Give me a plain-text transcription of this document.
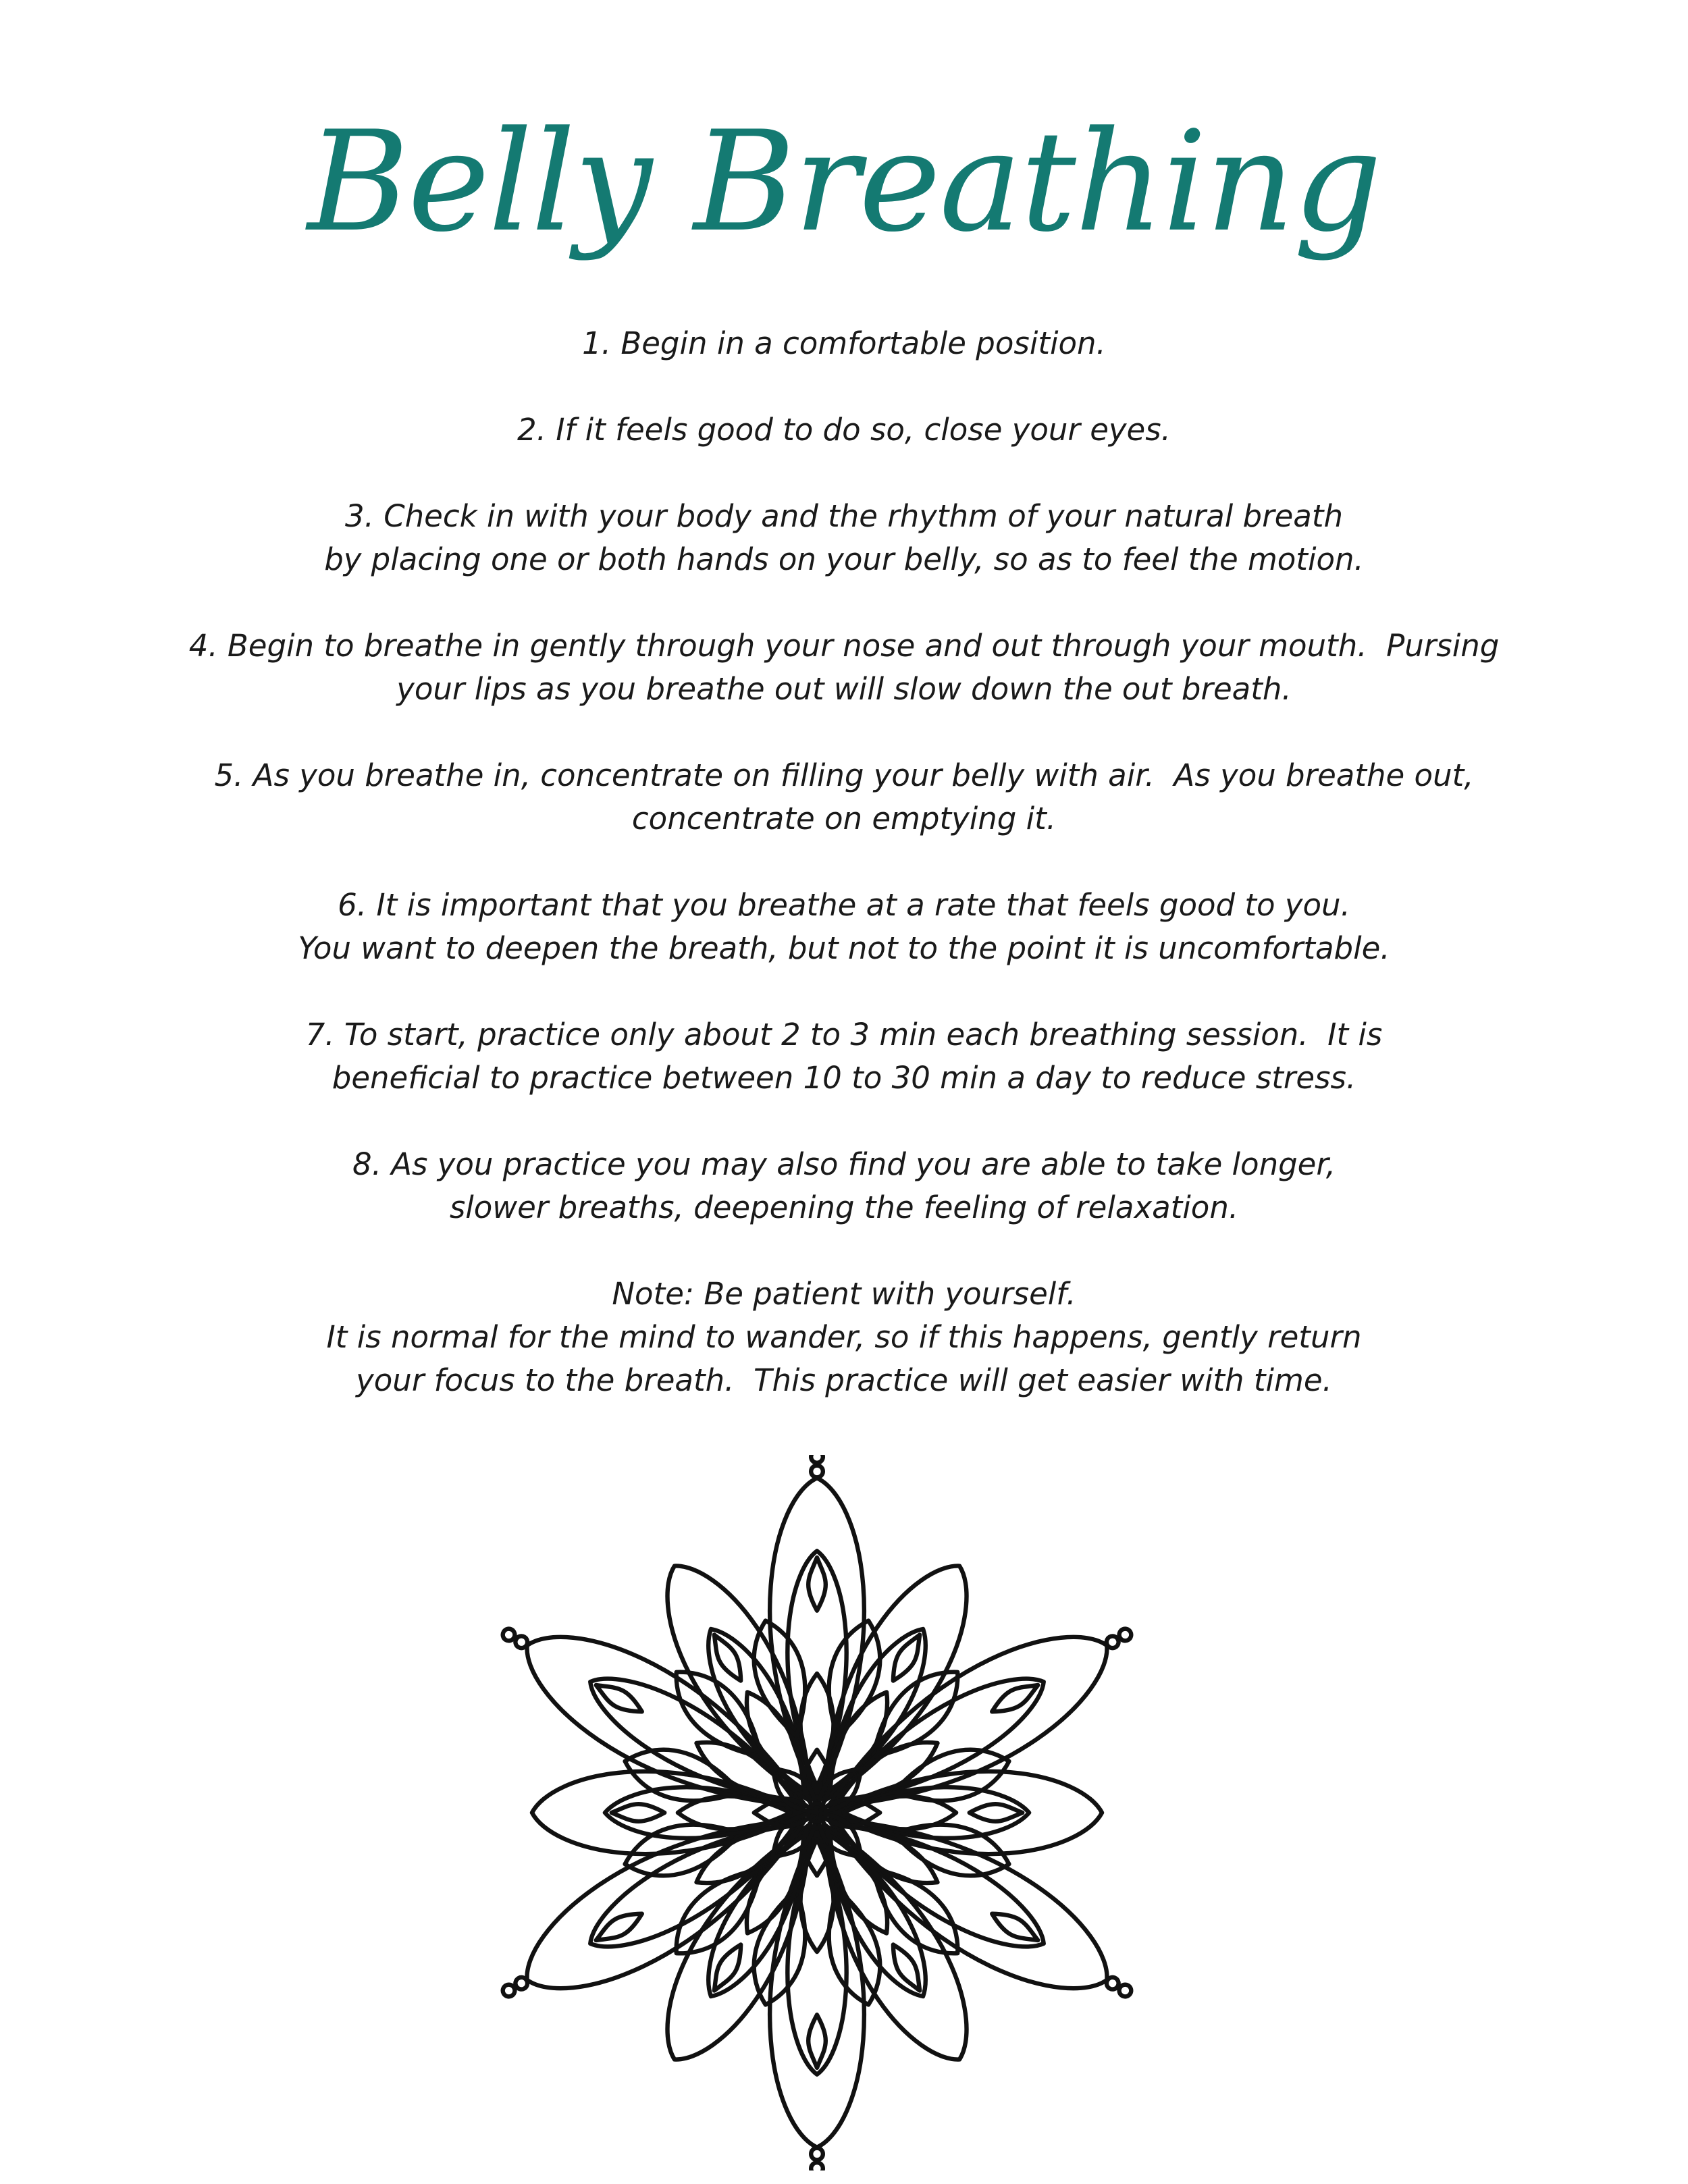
Belly Breathing
1. Begin in a comfortable position.
2. If it feels good to do so, close your eyes.
3. Check in with your body and the rhythm of your natural breath
by placing one or both hands on your belly, so as to feel the motion.
4. Begin to breathe in gently through your nose and out through your mouth.  Pursing
your lips as you breathe out will slow down the out breath.
5. As you breathe in, concentrate on filling your belly with air.  As you breathe out,
concentrate on emptying it.
6. It is important that you breathe at a rate that feels good to you.
You want to deepen the breath, but not to the point it is uncomfortable.
7. To start, practice only about 2 to 3 min each breathing session.  It is
beneficial to practice between 10 to 30 min a day to reduce stress.
8. As you practice you may also find you are able to take longer,
slower breaths, deepening the feeling of relaxation.
Note: Be patient with yourself.
It is normal for the mind to wander, so if this happens, gently return
your focus to the breath.  This practice will get easier with time.
